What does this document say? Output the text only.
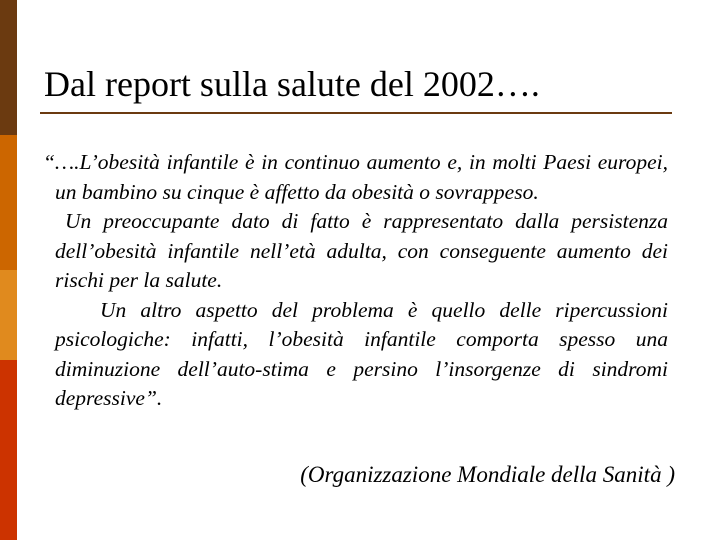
Dal report sulla salute del 2002….

“….L’obesità infantile è in continuo aumento e, in molti Paesi europei, un bambino su cinque è affetto da obesità o sovrappeso.

Un preoccupante dato di fatto è rappresentato dalla persistenza dell’obesità infantile nell’età adulta, con conseguente aumento dei rischi per la salute.

Un altro aspetto del problema è quello delle ripercussioni psicologiche: infatti, l’obesità infantile comporta spesso una diminuzione dell’auto-stima e persino l’insorgenze di sindromi depressive”.

(Organizzazione Mondiale della Sanità )
